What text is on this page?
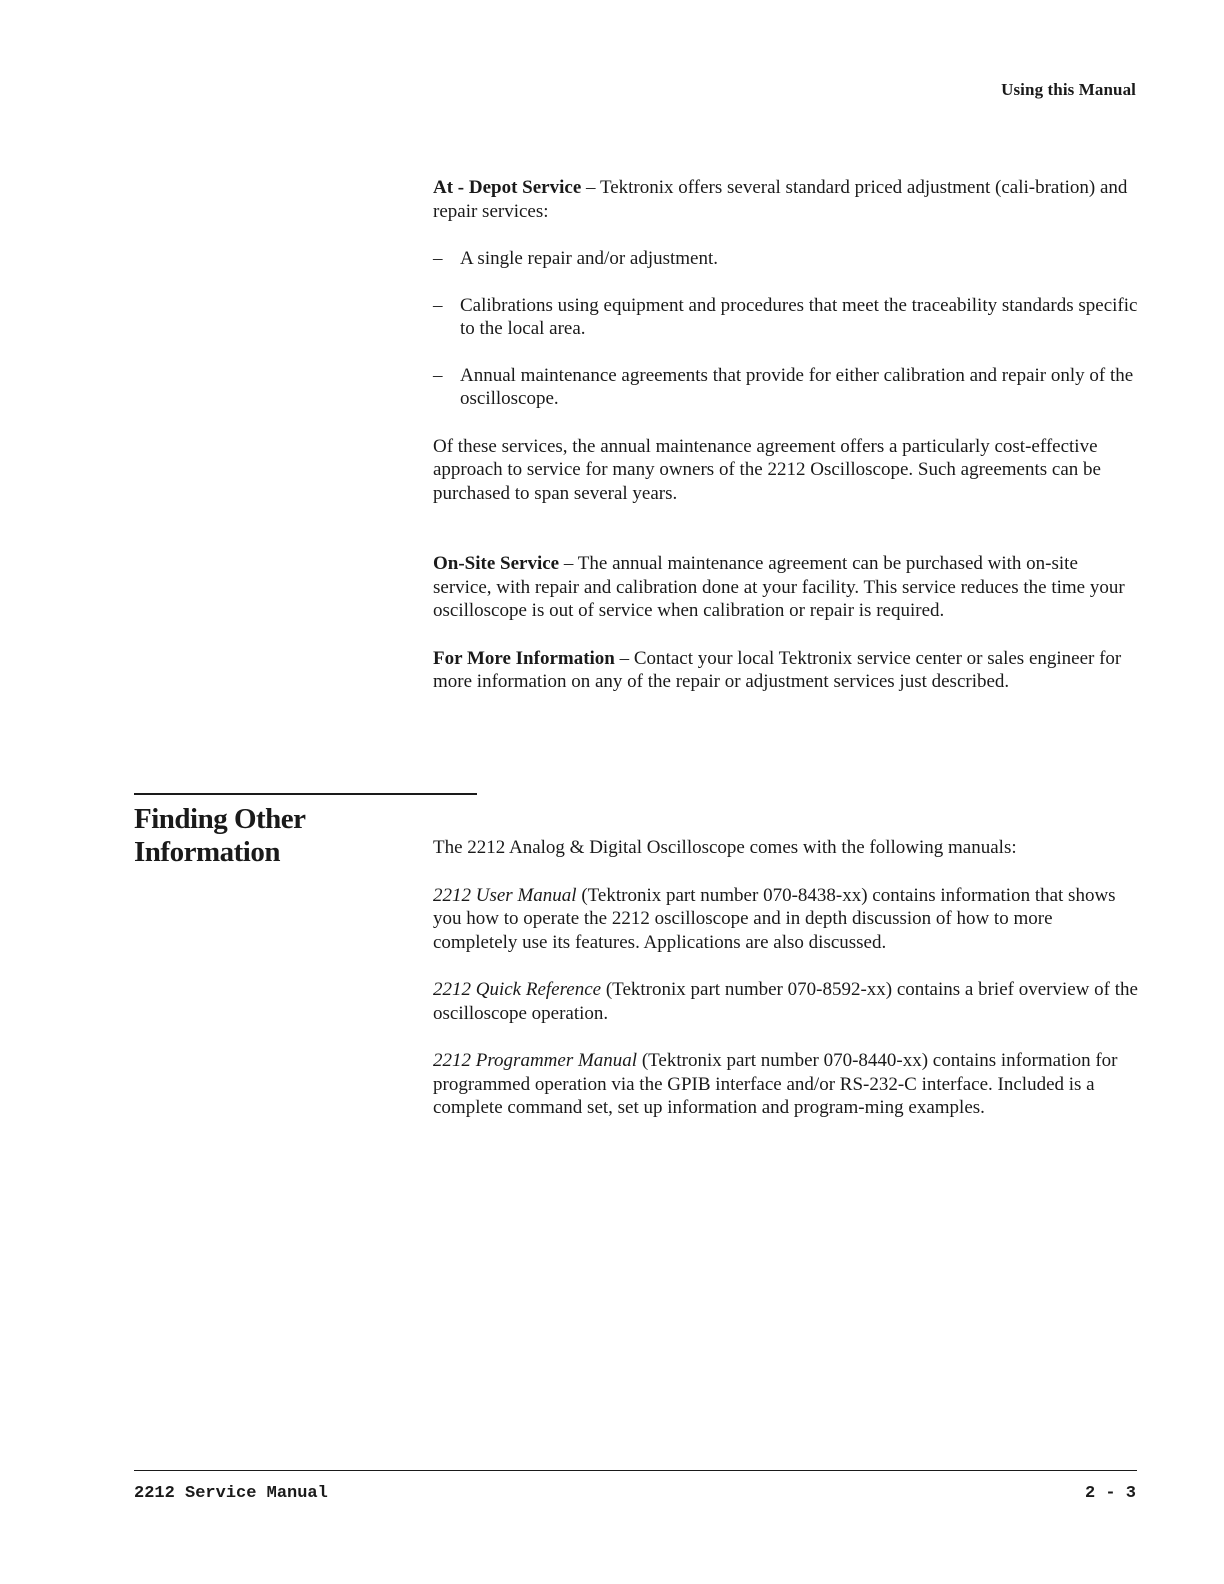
Using this Manual

At - Depot Service – Tektronix offers several standard priced adjustment (cali-bration) and repair services:

– A single repair and/or adjustment.
– Calibrations using equipment and procedures that meet the traceability standards specific to the local area.
– Annual maintenance agreements that provide for either calibration and repair only of the oscilloscope.

Of these services, the annual maintenance agreement offers a particularly cost-effective approach to service for many owners of the 2212 Oscilloscope. Such agreements can be purchased to span several years.

On-Site Service – The annual maintenance agreement can be purchased with on-site service, with repair and calibration done at your facility. This service reduces the time your oscilloscope is out of service when calibration or repair is required.

For More Information – Contact your local Tektronix service center or sales engineer for more information on any of the repair or adjustment services just described.

Finding Other Information	The 2212 Analog & Digital Oscilloscope comes with the following manuals:

2212 User Manual (Tektronix part number 070-8438-xx) contains information that shows you how to operate the 2212 oscilloscope and in depth discussion of how to more completely use its features. Applications are also discussed.

2212 Quick Reference (Tektronix part number 070-8592-xx) contains a brief overview of the oscilloscope operation.

2212 Programmer Manual (Tektronix part number 070-8440-xx) contains information for programmed operation via the GPIB interface and/or RS-232-C interface. Included is a complete command set, set up information and program-ming examples.

2212 Service Manual	2 - 3
